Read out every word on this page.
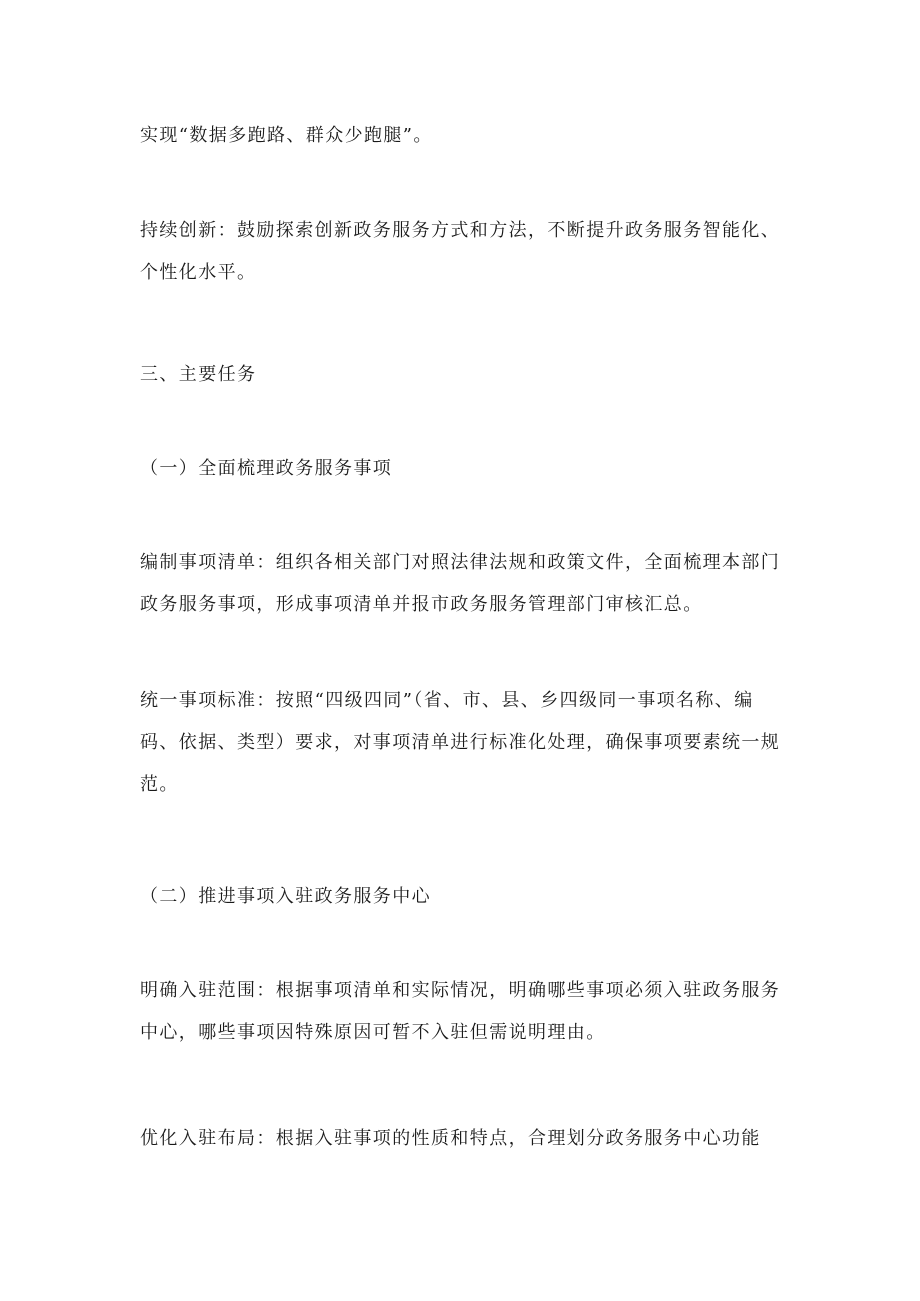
实现“数据多跑路、群众少跑腿”。

持续创新：鼓励探索创新政务服务方式和方法，不断提升政务服务智能化、个性化水平。

三、主要任务

（一）全面梳理政务服务事项

编制事项清单：组织各相关部门对照法律法规和政策文件，全面梳理本部门政务服务事项，形成事项清单并报市政务服务管理部门审核汇总。

统一事项标准：按照“四级四同”（省、市、县、乡四级同一事项名称、编码、依据、类型）要求，对事项清单进行标准化处理，确保事项要素统一规范。

（二）推进事项入驻政务服务中心

明确入驻范围：根据事项清单和实际情况，明确哪些事项必须入驻政务服务中心，哪些事项因特殊原因可暂不入驻但需说明理由。

优化入驻布局：根据入驻事项的性质和特点，合理划分政务服务中心功能
